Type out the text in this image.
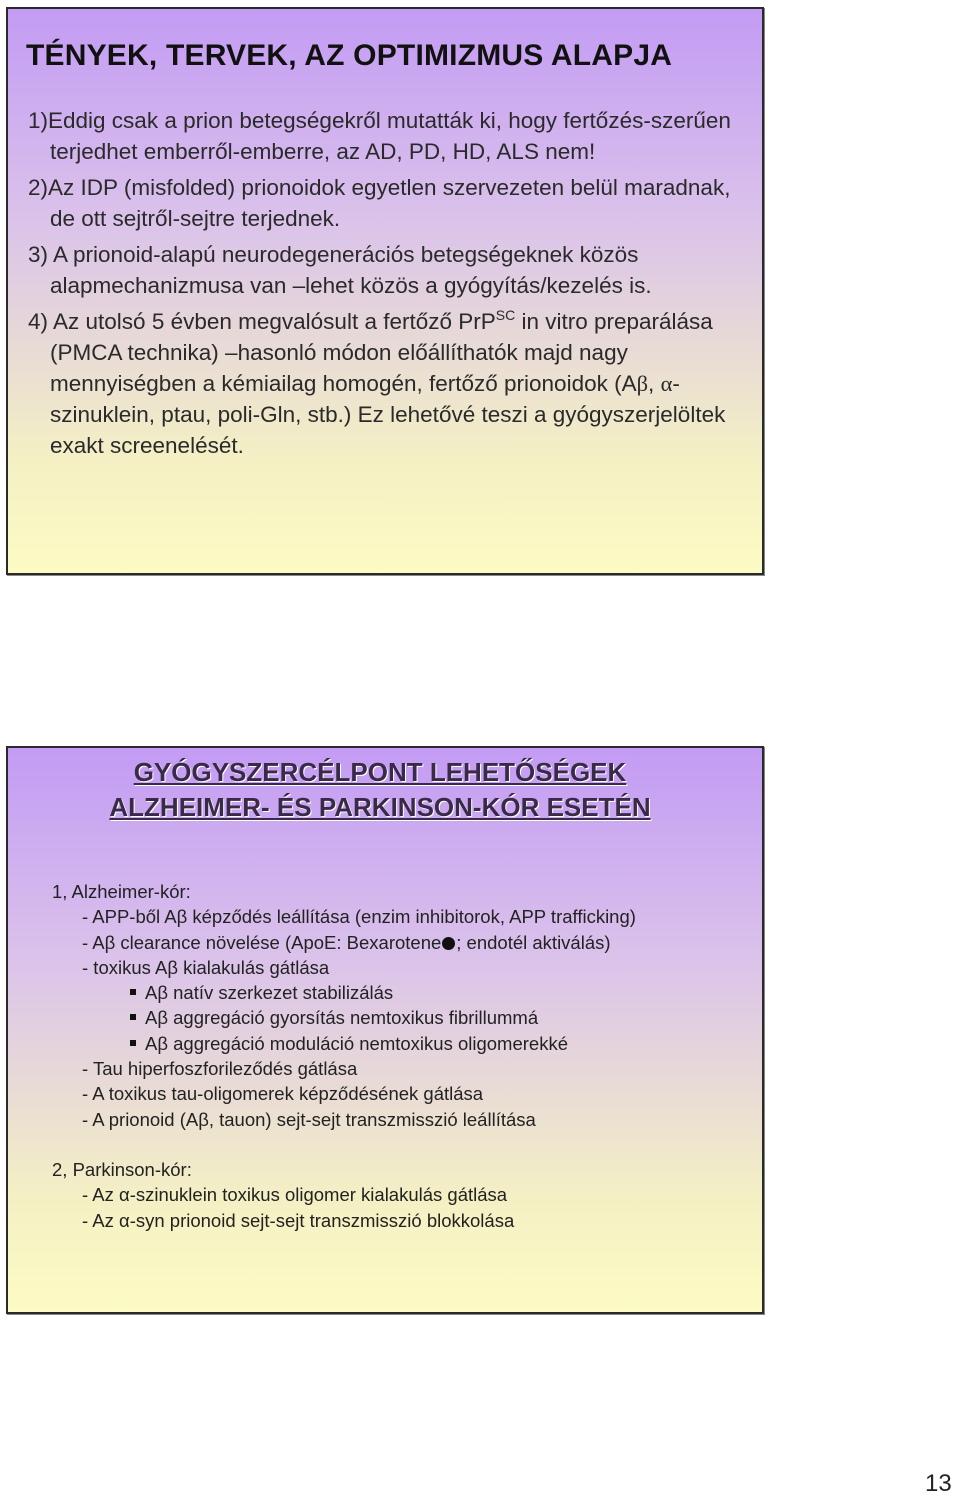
TÉNYEK, TERVEK, AZ OPTIMIZMUS ALAPJA

1)Eddig csak a prion betegségekről mutatták ki, hogy fertőzés-szerűen terjedhet emberről-emberre, az AD, PD, HD, ALS nem!

2)Az IDP (misfolded) prionoidok egyetlen szervezeten belül maradnak, de ott sejtről-sejtre terjednek.

3) A prionoid-alapú neurodegenerációs betegségeknek közös alapmechanizmusa van –lehet közös a gyógyítás/kezelés is.

4) Az utolsó 5 évben megvalósult a fertőző PrP$^{SC}$ in vitro preparálása (PMCA technika) –hasonló módon előállíthatók majd nagy mennyiségben a kémiailag homogén, fertőző prionoidok (Aβ, α-szinuklein, ptau, poli-Gln, stb.) Ez lehetővé teszi a gyógyszerjelöltek exakt screenelését.

GYÓGYSZERCÉLPONT LEHETŐSÉGEK
ALZHEIMER- ÉS PARKINSON-KÓR ESETÉN
1, Alzheimer-kór:
- APP-ből Aβ képződés leállítása (enzim inhibitorok, APP trafficking)
- Aβ clearance növelése (ApoE: Bexarotene ; endotél aktiválás)
- toxikus Aβ kialakulás gátlása
Aβ natív szerkezet stabilizálás
Aβ aggregáció gyorsítás nemtoxikus fibrillummá
Aβ aggregáció moduláció nemtoxikus oligomerekké
- Tau hiperfoszforileződés gátlása
- A toxikus tau-oligomerek képződésének gátlása
- A prionoid (Aβ, tauon) sejt-sejt transzmisszió leállítása
2, Parkinson-kór:
- Az α-szinuklein toxikus oligomer kialakulás gátlása
- Az α-syn prionoid sejt-sejt transzmisszió blokkolása
13
